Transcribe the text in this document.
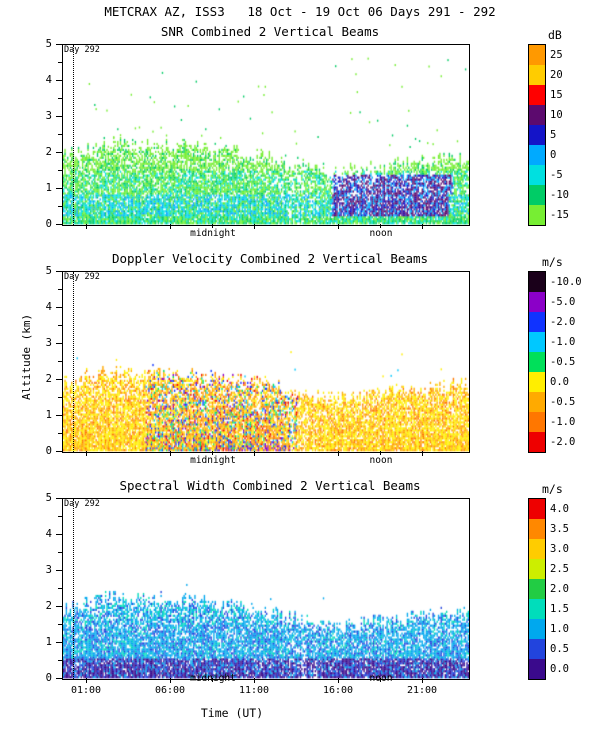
METCRAX AZ, ISS3   18 Oct - 19 Oct 06 Days 291 - 292
SNR Combined 2 Vertical Beams
Day 292
0
1
2
3
4
5
midnight	noon
dB
25
20
15
10
5
0
-5
-10
-15
Doppler Velocity Combined 2 Vertical Beams
Day 292
0
1
2
3
4
5
Altitude (km)
midnight	noon
m/s
-10.0
-5.0
-2.0
-1.0
-0.5
0.0
-0.5
-1.0
-2.0
Spectral Width Combined 2 Vertical Beams
Day 292
0
1
2
3
4
5
midnight	noon
01:00	06:00	11:00	16:00	21:00
Time (UT)
m/s
4.0
3.5
3.0
2.5
2.0
1.5
1.0
0.5
0.0
